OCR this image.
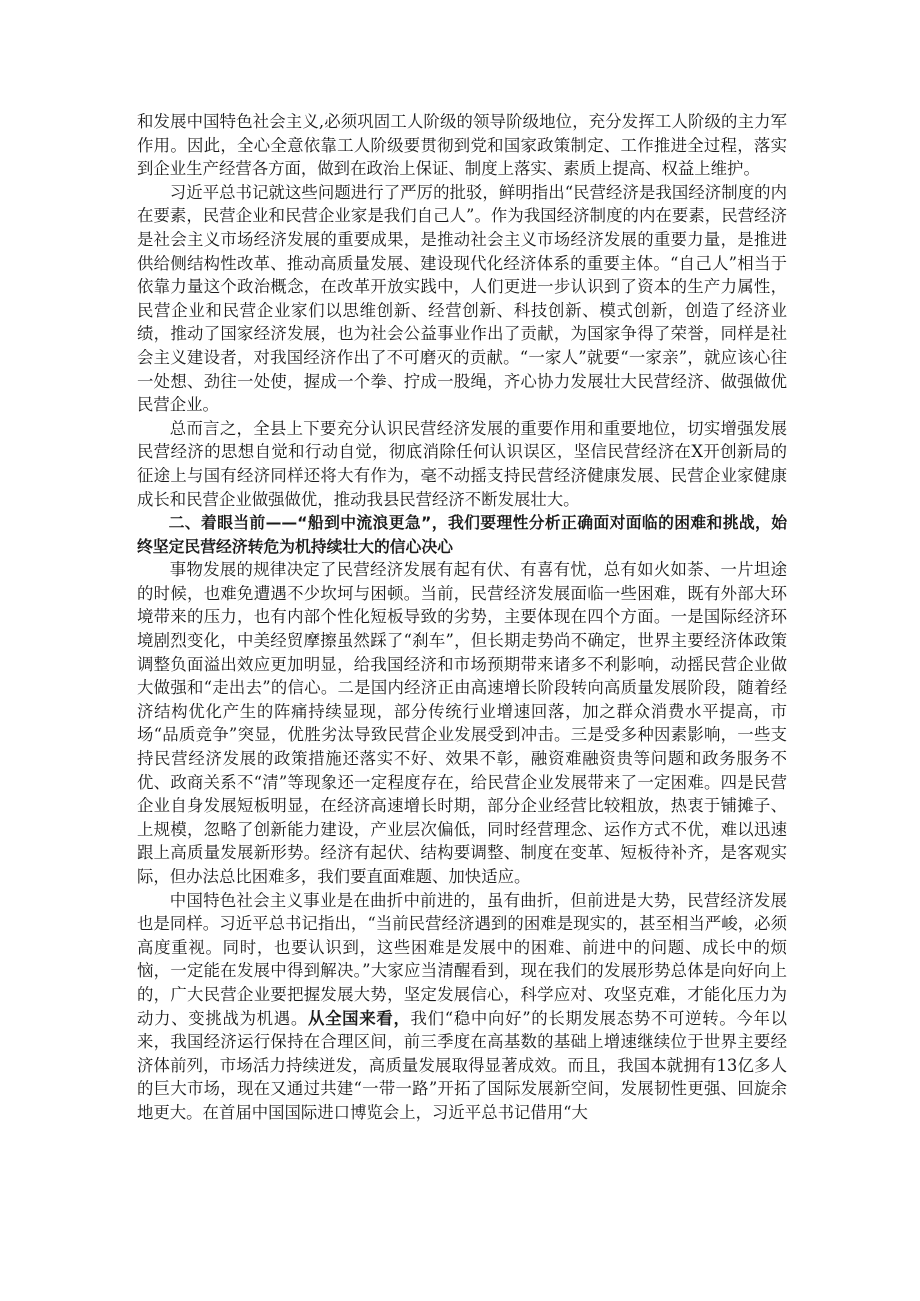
和发展中国特色社会主义,必须巩固工人阶级的领导阶级地位，充分发挥工人阶级的主力军作用。因此，全心全意依靠工人阶级要贯彻到党和国家政策制定、工作推进全过程，落实到企业生产经营各方面，做到在政治上保证、制度上落实、素质上提高、权益上维护。

习近平总书记就这些问题进行了严厉的批驳，鲜明指出“民营经济是我国经济制度的内在要素，民营企业和民营企业家是我们自己人”。作为我国经济制度的内在要素，民营经济是社会主义市场经济发展的重要成果，是推动社会主义市场经济发展的重要力量，是推进供给侧结构性改革、推动高质量发展、建设现代化经济体系的重要主体。“自己人”相当于依靠力量这个政治概念，在改革开放实践中，人们更进一步认识到了资本的生产力属性，民营企业和民营企业家们以思维创新、经营创新、科技创新、模式创新，创造了经济业绩，推动了国家经济发展，也为社会公益事业作出了贡献，为国家争得了荣誉，同样是社会主义建设者，对我国经济作出了不可磨灭的贡献。“一家人”就要“一家亲”，就应该心往一处想、劲往一处使，握成一个拳、拧成一股绳，齐心协力发展壮大民营经济、做强做优民营企业。

总而言之，全县上下要充分认识民营经济发展的重要作用和重要地位，切实增强发展民营经济的思想自觉和行动自觉，彻底消除任何认识误区，坚信民营经济在X开创新局的征途上与国有经济同样还将大有作为，毫不动摇支持民营经济健康发展、民营企业家健康成长和民营企业做强做优，推动我县民营经济不断发展壮大。

二、着眼当前——“船到中流浪更急”，我们要理性分析正确面对面临的困难和挑战，始终坚定民营经济转危为机持续壮大的信心决心

事物发展的规律决定了民营经济发展有起有伏、有喜有忧，总有如火如荼、一片坦途的时候，也难免遭遇不少坎坷与困顿。当前，民营经济发展面临一些困难，既有外部大环境带来的压力，也有内部个性化短板导致的劣势，主要体现在四个方面。一是国际经济环境剧烈变化，中美经贸摩擦虽然踩了“刹车”，但长期走势尚不确定，世界主要经济体政策调整负面溢出效应更加明显，给我国经济和市场预期带来诸多不利影响，动摇民营企业做大做强和“走出去”的信心。二是国内经济正由高速增长阶段转向高质量发展阶段，随着经济结构优化产生的阵痛持续显现，部分传统行业增速回落，加之群众消费水平提高，市场“品质竞争”突显，优胜劣汰导致民营企业发展受到冲击。三是受多种因素影响，一些支持民营经济发展的政策措施还落实不好、效果不彰，融资难融资贵等问题和政务服务不优、政商关系不“清”等现象还一定程度存在，给民营企业发展带来了一定困难。四是民营企业自身发展短板明显，在经济高速增长时期，部分企业经营比较粗放，热衷于铺摊子、上规模，忽略了创新能力建设，产业层次偏低，同时经营理念、运作方式不优，难以迅速跟上高质量发展新形势。经济有起伏、结构要调整、制度在变革、短板待补齐，是客观实际，但办法总比困难多，我们要直面难题、加快适应。

中国特色社会主义事业是在曲折中前进的，虽有曲折，但前进是大势，民营经济发展也是同样。习近平总书记指出，“当前民营经济遇到的困难是现实的，甚至相当严峻，必须高度重视。同时，也要认识到，这些困难是发展中的困难、前进中的问题、成长中的烦恼，一定能在发展中得到解决。”大家应当清醒看到，现在我们的发展形势总体是向好向上的，广大民营企业要把握发展大势，坚定发展信心，科学应对、攻坚克难，才能化压力为动力、变挑战为机遇。从全国来看，我们“稳中向好”的长期发展态势不可逆转。今年以来，我国经济运行保持在合理区间，前三季度在高基数的基础上增速继续位于世界主要经济体前列，市场活力持续迸发，高质量发展取得显著成效。而且，我国本就拥有13亿多人的巨大市场，现在又通过共建“一带一路”开拓了国际发展新空间，发展韧性更强、回旋余地更大。在首届中国国际进口博览会上，习近平总书记借用“大
